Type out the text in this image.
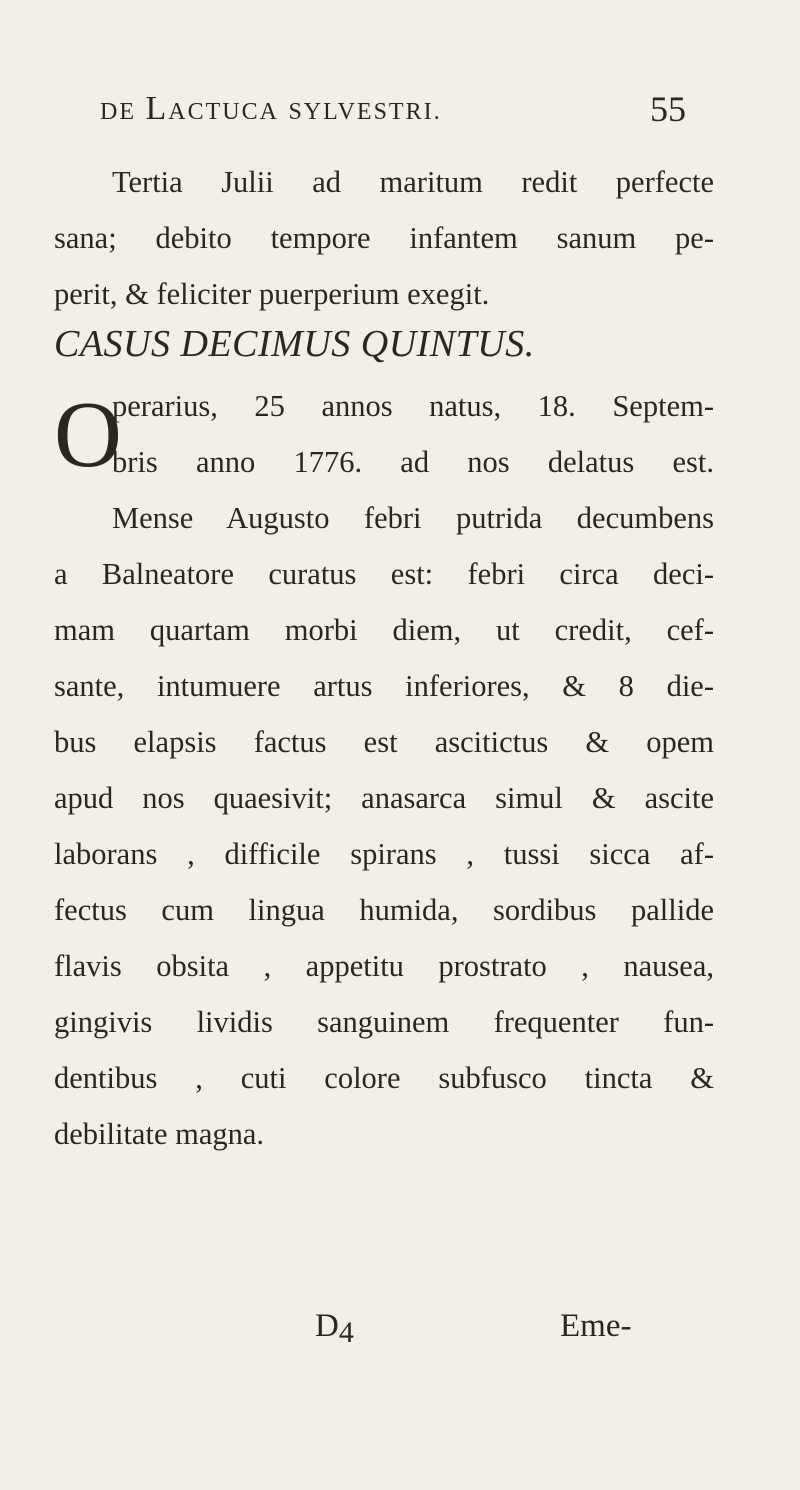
DE LACTUCA SYLVESTRI.	55
Tertia Julii ad maritum redit perfecte
sana; debito tempore infantem sanum pe-
perit, & feliciter puerperium exegit.
CASUS DECIMUS QUINTUS.
O
perarius, 25 annos natus, 18. Septem-
bris anno 1776. ad nos delatus est.
Mense Augusto febri putrida decumbens
a Balneatore curatus est: febri circa deci-
mam quartam morbi diem, ut credit, cef-
sante, intumuere artus inferiores, & 8 die-
bus elapsis factus est ascitictus & opem
apud nos quaesivit; anasarca simul & ascite
laborans , difficile spirans , tussi sicca af-
fectus cum lingua humida, sordibus pallide
flavis obsita , appetitu prostrato , nausea,
gingivis lividis sanguinem frequenter fun-
dentibus , cuti colore subfusco tincta &
debilitate magna.
$D_4$	Eme-
